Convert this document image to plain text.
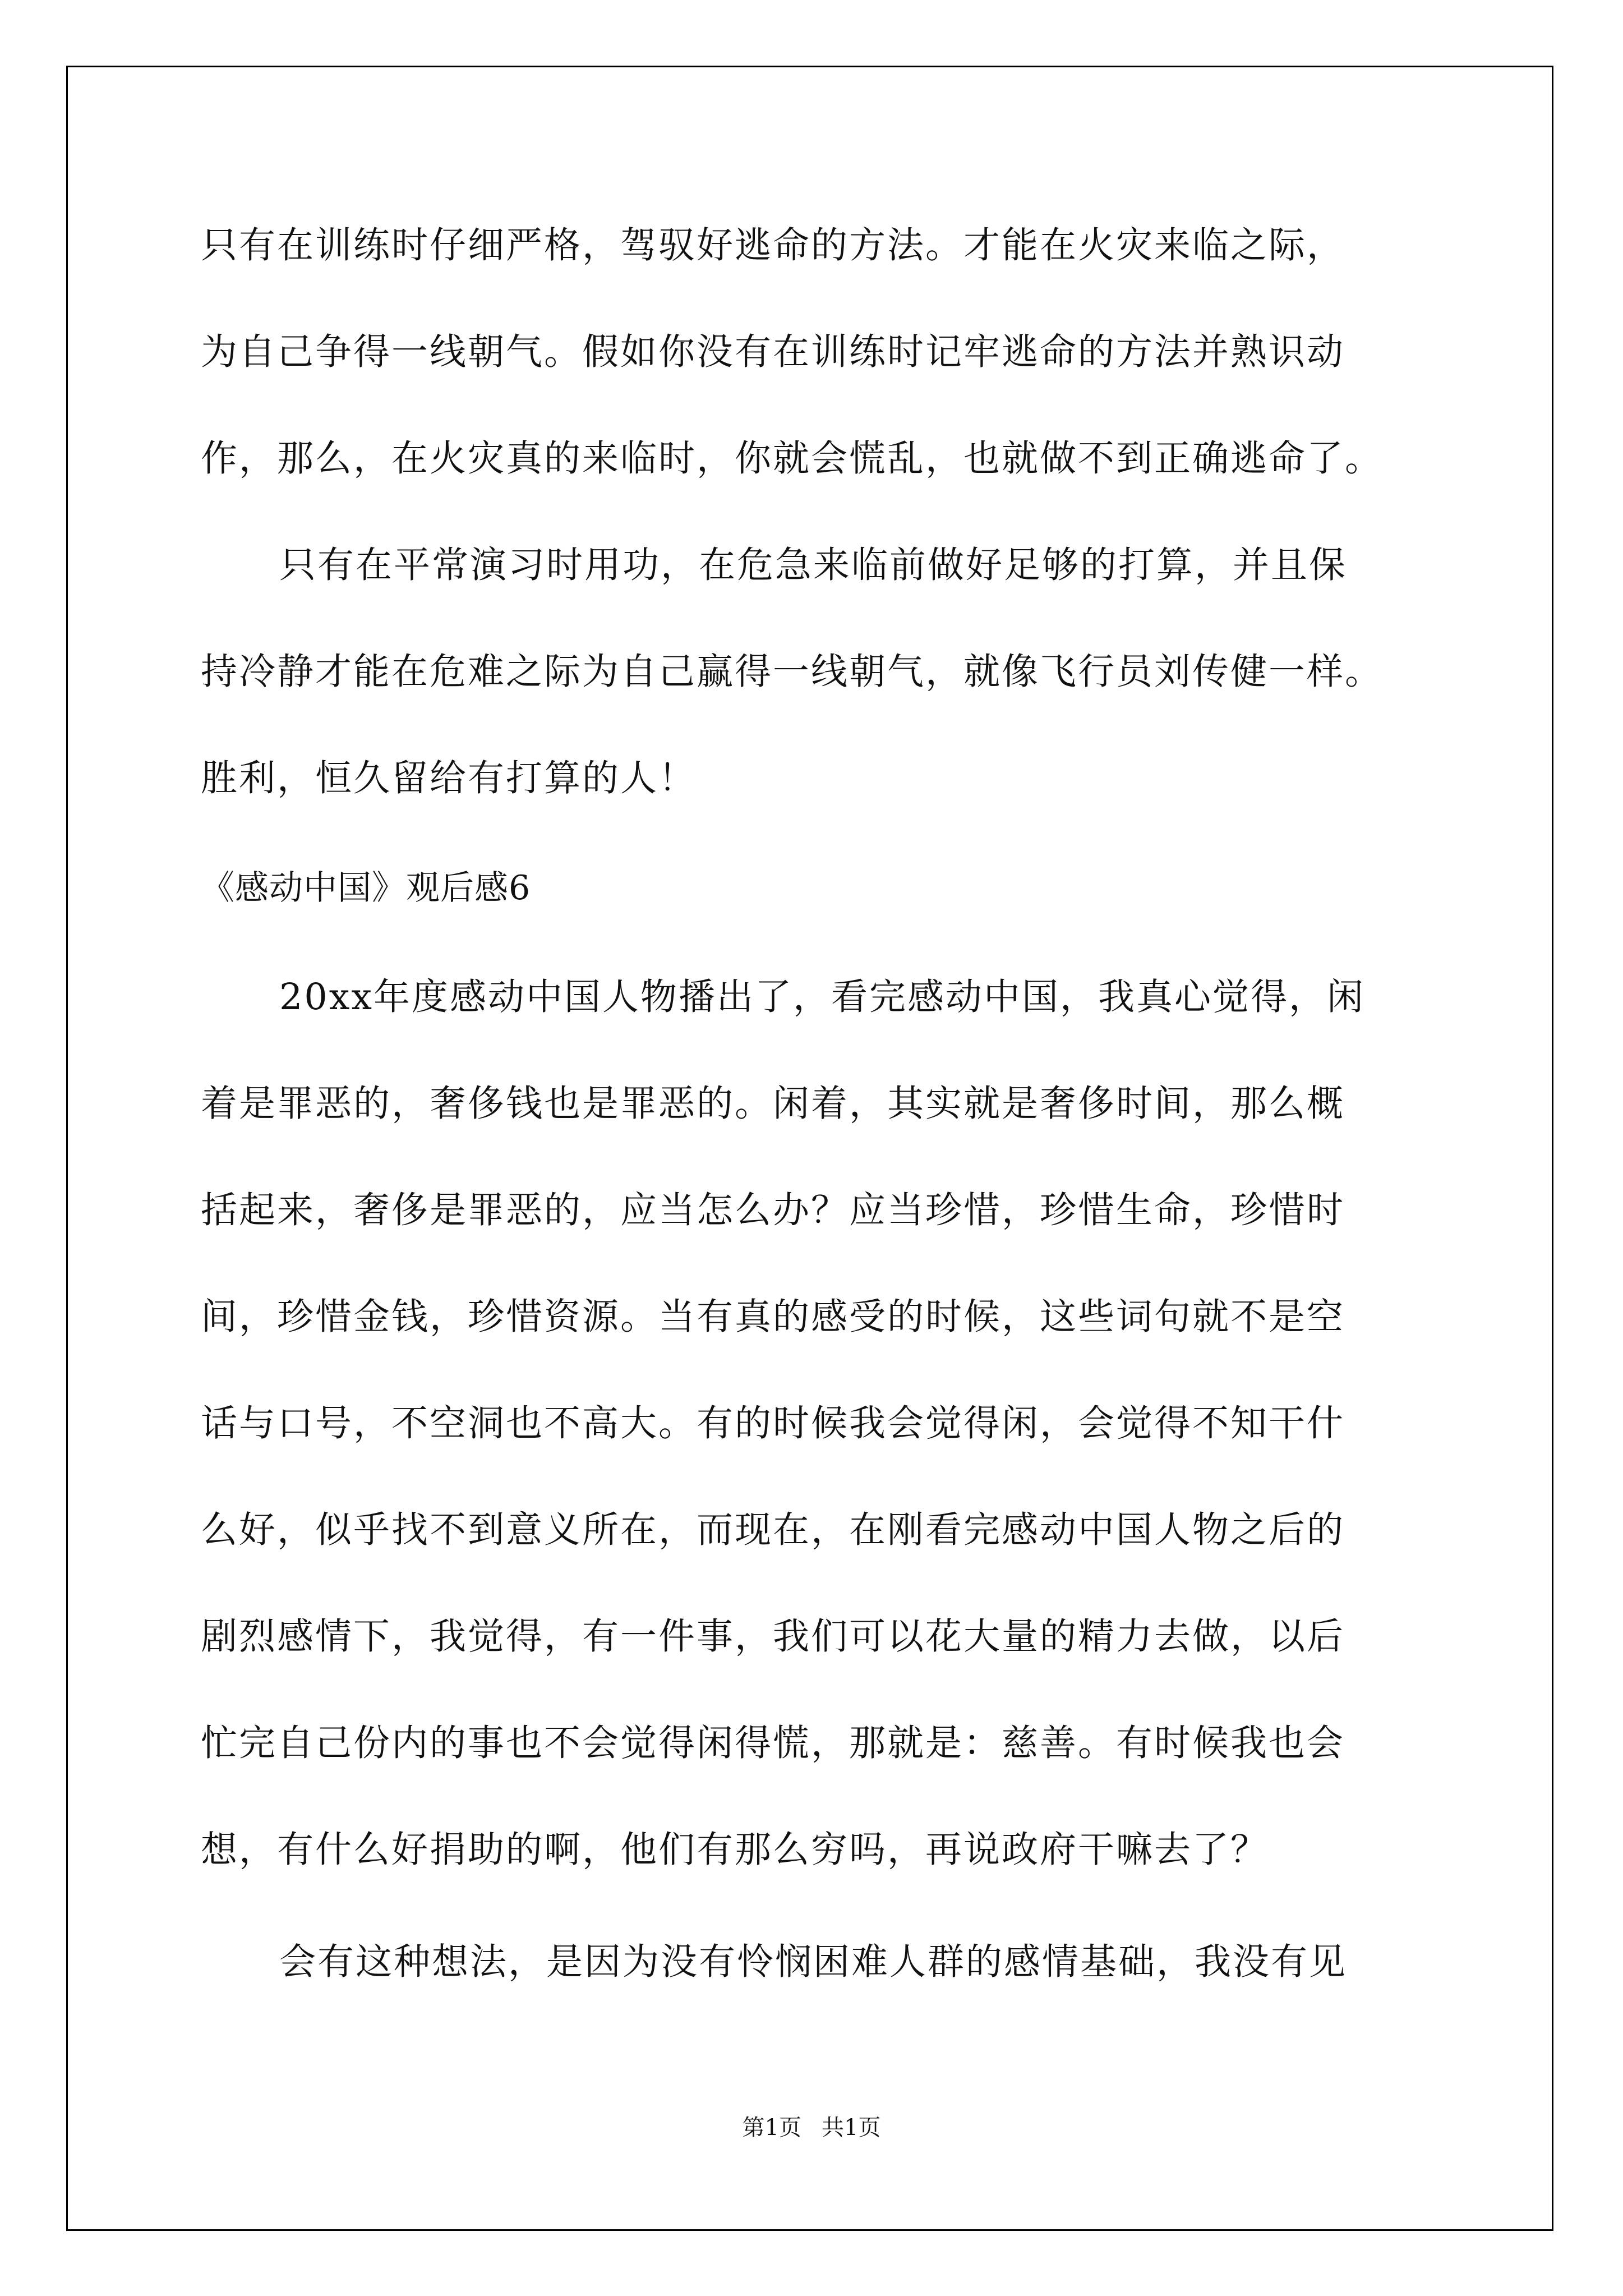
只有在训练时仔细严格，驾驭好逃命的方法。才能在火灾来临之际，

为自己争得一线朝气。假如你没有在训练时记牢逃命的方法并熟识动

作，那么，在火灾真的来临时，你就会慌乱，也就做不到正确逃命了。

只有在平常演习时用功，在危急来临前做好足够的打算，并且保

持冷静才能在危难之际为自己赢得一线朝气，就像飞行员刘传健一样。

胜利，恒久留给有打算的人！

《感动中国》观后感6

20xx年度感动中国人物播出了，看完感动中国，我真心觉得，闲

着是罪恶的，奢侈钱也是罪恶的。闲着，其实就是奢侈时间，那么概

括起来，奢侈是罪恶的，应当怎么办？应当珍惜，珍惜生命，珍惜时

间，珍惜金钱，珍惜资源。当有真的感受的时候，这些词句就不是空

话与口号，不空洞也不高大。有的时候我会觉得闲，会觉得不知干什

么好，似乎找不到意义所在，而现在，在刚看完感动中国人物之后的

剧烈感情下，我觉得，有一件事，我们可以花大量的精力去做，以后

忙完自己份内的事也不会觉得闲得慌，那就是：慈善。有时候我也会

想，有什么好捐助的啊，他们有那么穷吗，再说政府干嘛去了？

会有这种想法，是因为没有怜悯困难人群的感情基础，我没有见

第1页 共1页
